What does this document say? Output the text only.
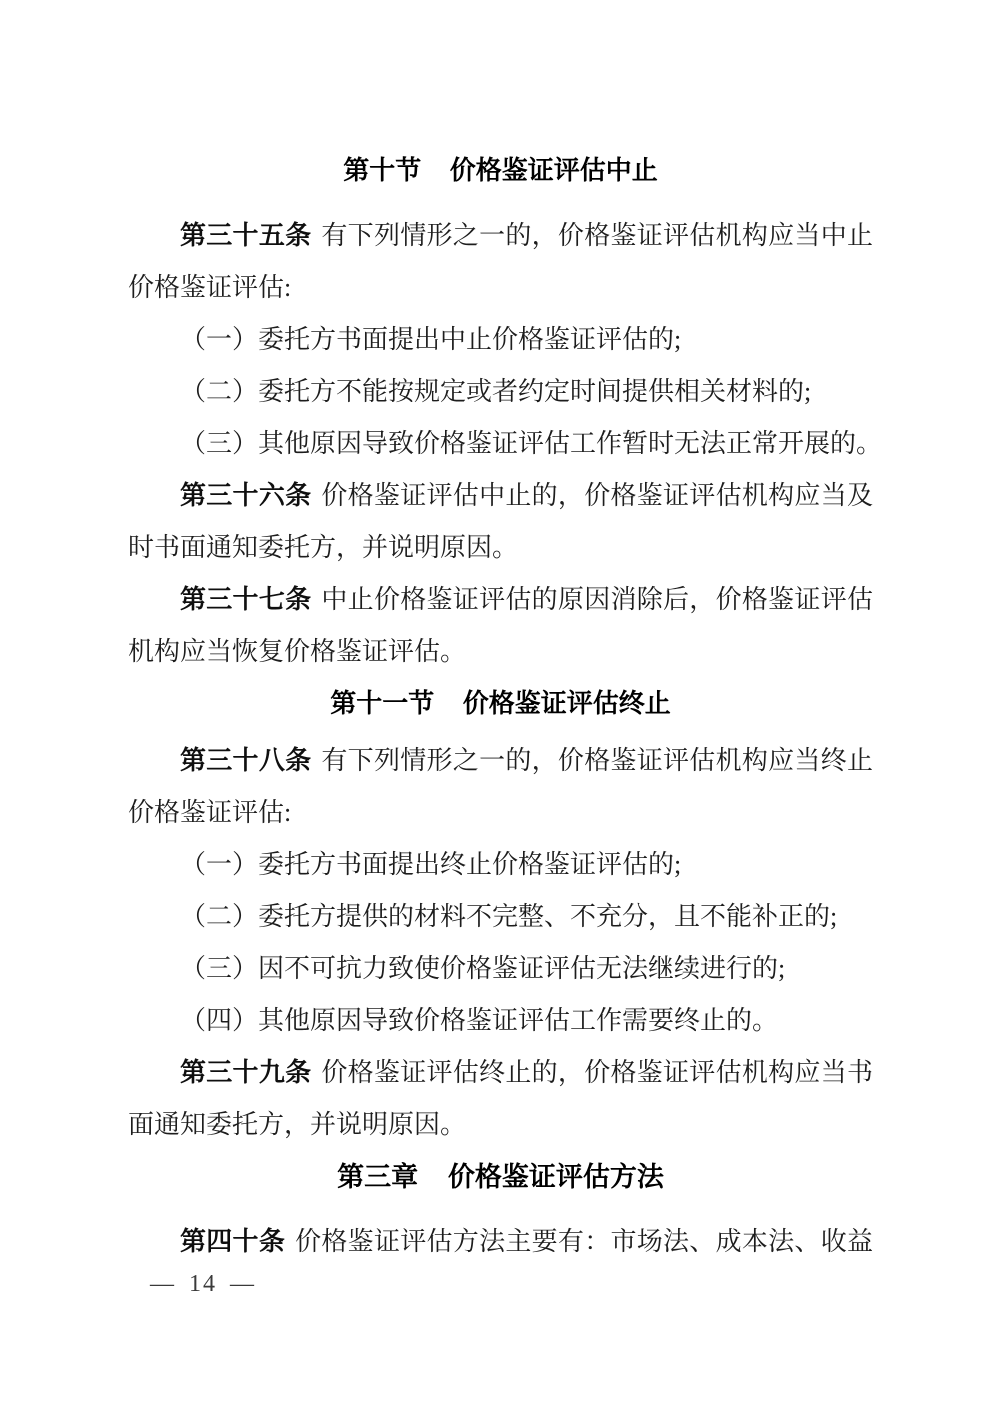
第十节 价格鉴证评估中止
第三十五条 有下列情形之一的，价格鉴证评估机构应当中止
价格鉴证评估:
（一）委托方书面提出中止价格鉴证评估的;
（二）委托方不能按规定或者约定时间提供相关材料的;
（三）其他原因导致价格鉴证评估工作暂时无法正常开展的。
第三十六条 价格鉴证评估中止的，价格鉴证评估机构应当及
时书面通知委托方，并说明原因。
第三十七条 中止价格鉴证评估的原因消除后，价格鉴证评估
机构应当恢复价格鉴证评估。
第十一节 价格鉴证评估终止
第三十八条 有下列情形之一的，价格鉴证评估机构应当终止
价格鉴证评估:
（一）委托方书面提出终止价格鉴证评估的;
（二）委托方提供的材料不完整、不充分，且不能补正的;
（三）因不可抗力致使价格鉴证评估无法继续进行的;
（四）其他原因导致价格鉴证评估工作需要终止的。
第三十九条 价格鉴证评估终止的，价格鉴证评估机构应当书
面通知委托方，并说明原因。
第三章 价格鉴证评估方法
第四十条 价格鉴证评估方法主要有：市场法、成本法、收益
— 14 —
